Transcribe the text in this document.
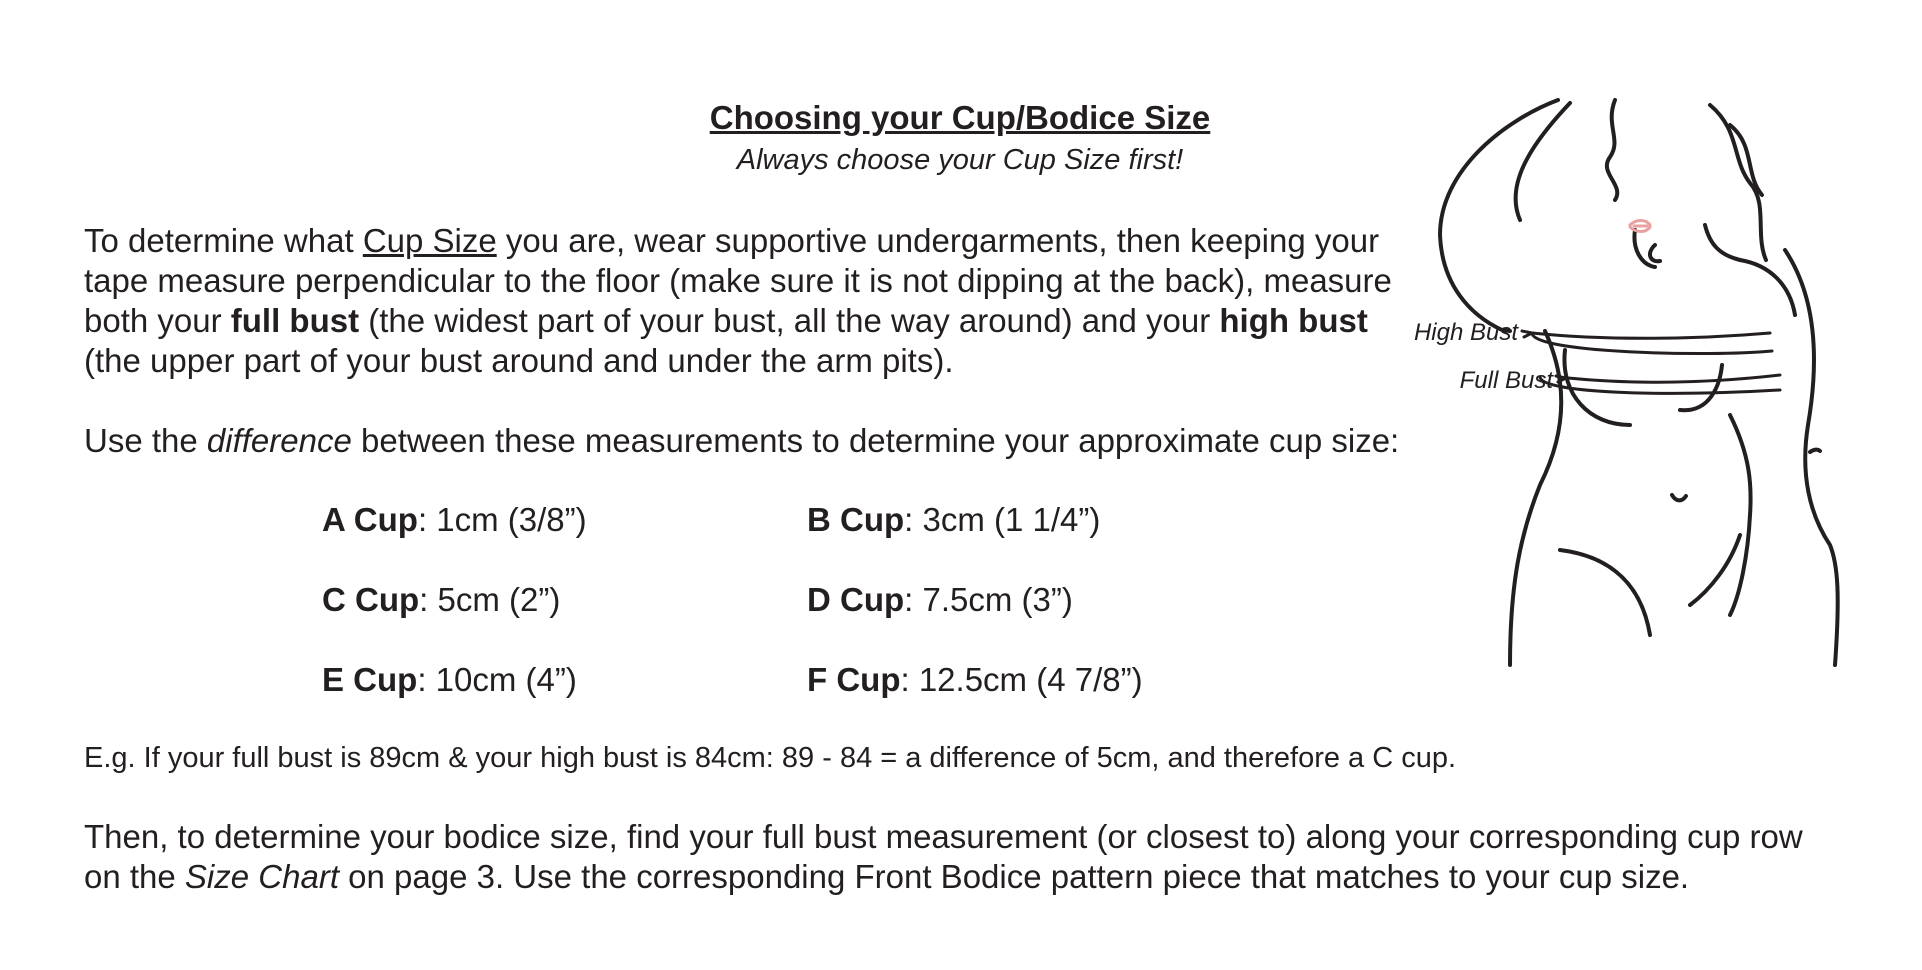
Choosing your Cup/Bodice Size
Always choose your Cup Size first!

To determine what Cup Size you are, wear supportive undergarments, then keeping your tape measure perpendicular to the floor (make sure it is not dipping at the back), measure both your full bust (the widest part of your bust, all the way around) and your high bust (the upper part of your bust around and under the arm pits).

Use the difference between these measurements to determine your approximate cup size:

A Cup: 1cm (3/8”)	B Cup: 3cm (1 1/4”)
C Cup: 5cm (2”)	D Cup: 7.5cm (3”)
E Cup: 10cm (4”)	F Cup: 12.5cm (4 7/8”)
E.g. If your full bust is 89cm & your high bust is 84cm: 89 - 84 = a difference of 5cm, and therefore a C cup.

Then, to determine your bodice size, find your full bust measurement (or closest to) along your corresponding cup row on the Size Chart on page 3. Use the corresponding Front Bodice pattern piece that matches to your cup size.

High Bust
Full Bust
